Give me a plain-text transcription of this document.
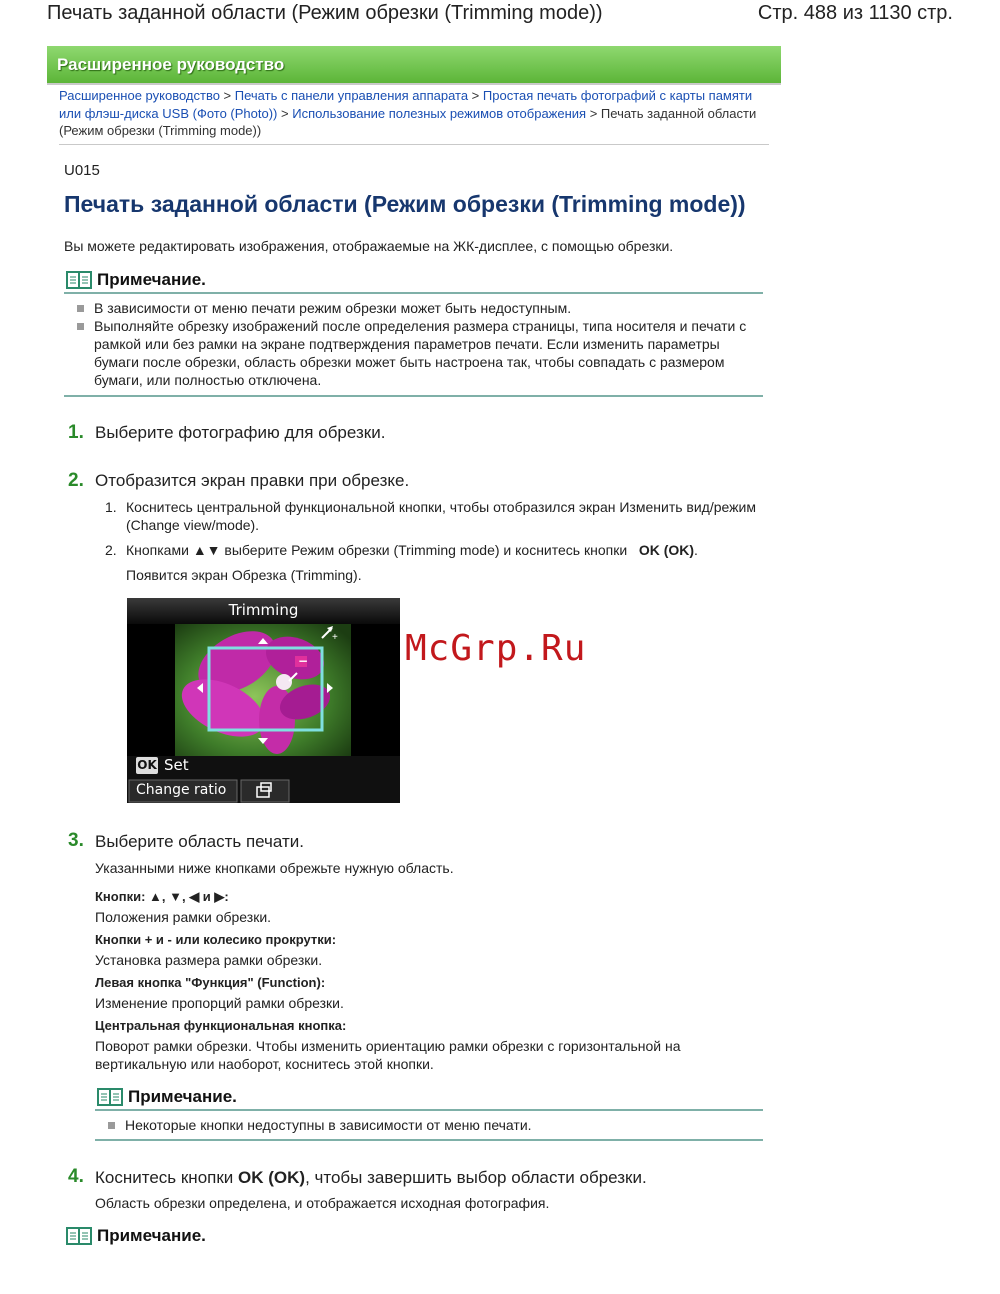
Печать заданной области (Режим обрезки (Trimming mode))	Стр. 488 из 1130 стр.
Расширенное руководство
Расширенное руководство > Печать с панели управления аппарата > Простая печать фотографий с карты памяти или флэш-диска USB (Фото (Photo)) > Использование полезных режимов отображения > Печать заданной области (Режим обрезки (Trimming mode))
U015
Печать заданной области (Режим обрезки (Trimming mode))
Вы можете редактировать изображения, отображаемые на ЖК-дисплее, с помощью обрезки.
Примечание.
В зависимости от меню печати режим обрезки может быть недоступным.
Выполняйте обрезку изображений после определения размера страницы, типа носителя и печати с рамкой или без рамки на экране подтверждения параметров печати. Если изменить параметры бумаги после обрезки, область обрезки может быть настроена так, чтобы совпадать с размером бумаги, или полностью отключена.
1. Выберите фотографию для обрезки.
2. Отобразится экран правки при обрезке.
1. Коснитесь центральной функциональной кнопки, чтобы отобразился экран Изменить вид/режим (Change view/mode).
2. Кнопками ▲▼ выберите Режим обрезки (Trimming mode) и коснитесь кнопки OK (OK).
Появится экран Обрезка (Trimming).
+
Trimming
OK Set
Change ratio
−	McGrp.Ru
3. Выберите область печати.
Указанными ниже кнопками обрежьте нужную область.
Кнопки: ▲, ▼, ◀ и ▶:
Положения рамки обрезки.
Кнопки + и - или колесико прокрутки:
Установка размера рамки обрезки.
Левая кнопка "Функция" (Function):
Изменение пропорций рамки обрезки.
Центральная функциональная кнопка:
Поворот рамки обрезки. Чтобы изменить ориентацию рамки обрезки с горизонтальной на вертикальную или наоборот, коснитесь этой кнопки.
Примечание.
Некоторые кнопки недоступны в зависимости от меню печати.
4. Коснитесь кнопки OK (OK), чтобы завершить выбор области обрезки.
Область обрезки определена, и отображается исходная фотография.
Примечание.
